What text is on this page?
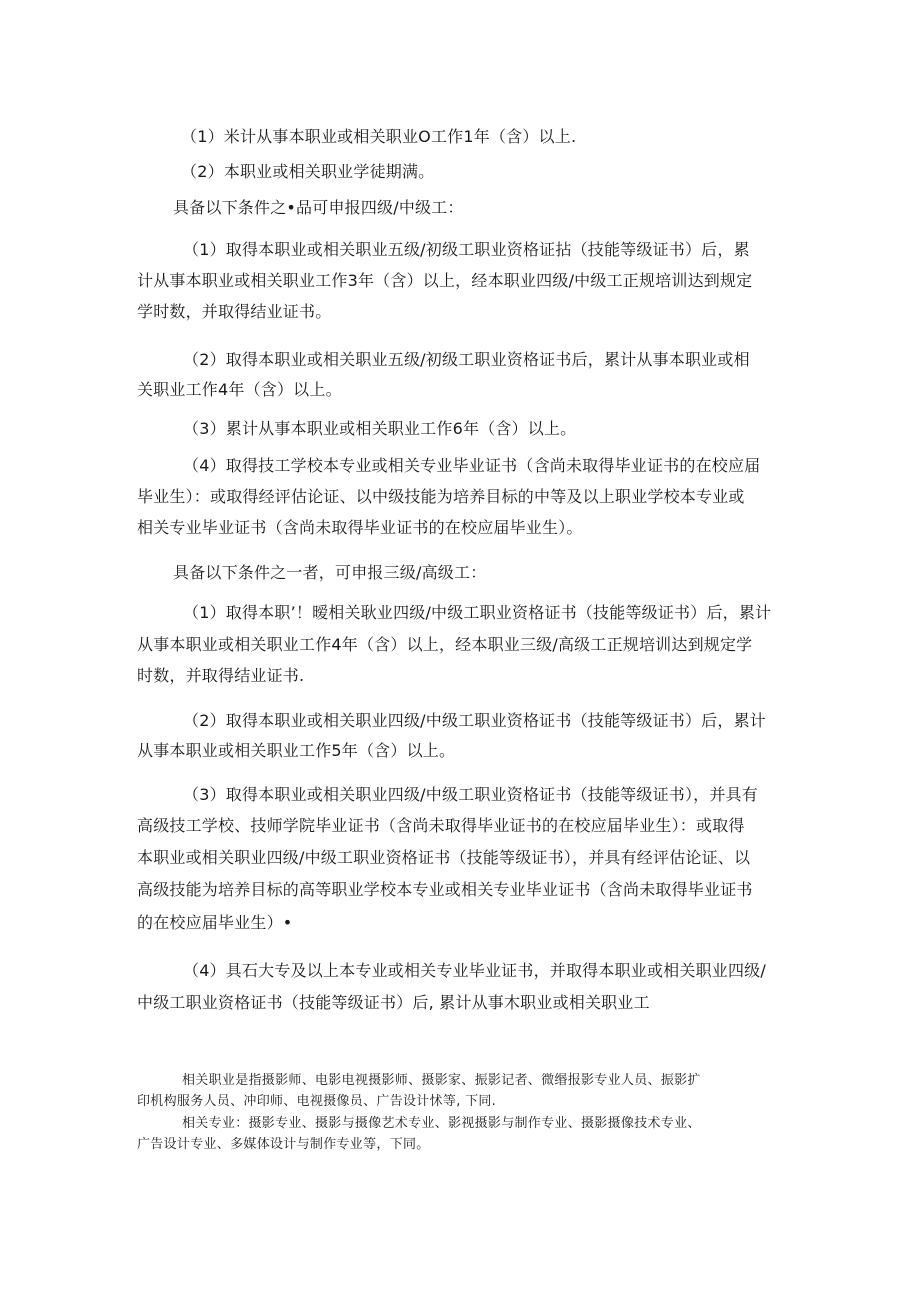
（1）米计从事本职业或相关职业O工作1年（含）以上.
（2）本职业或相关职业学徒期满。
具备以下条件之•品可申报四级/中级工：
（1）取得本职业或相关职业五级/初级工职业资格证拈（技能等级证书）后，累
计从事本职业或相关职业工作3年（含）以上，经本职业四级/中级工正规培训达到规定
学时数，并取得结业证书。
（2）取得本职业或相关职业五级/初级工职业资格证书后，累计从事本职业或相
关职业工作4年（含）以上。
（3）累计从事本职业或相关职业工作6年（含）以上。
（4）取得技工学校本专业或相关专业毕业证书（含尚未取得毕业证书的在校应届
毕业生）：或取得经评估论证、以中级技能为培养目标的中等及以上职业学校本专业或
相关专业毕业证书（含尚未取得毕业证书的在校应届毕业生）。
具备以下条件之一者，可申报三级/高级工：
（1）取得本职’！暧相关耿业四级/中级工职业资格证书（技能等级证书）后，累计
从事本职业或相关职业工作4年（含）以上，经本职业三级/高级工正规培训达到规定学
时数，并取得结业证书.
（2）取得本职业或相关职业四级/中级工职业资格证书（技能等级证书）后，累计
从事本职业或相关职业工作5年（含）以上。
（3）取得本职业或相关职业四级/中级工职业资格证书（技能等级证书），并具有
高级技工学校、技师学院毕业证书（含尚未取得毕业证书的在校应届毕业生）：或取得
本职业或相关职业四级/中级工职业资格证书（技能等级证书），并具有经评估论证、以
高级技能为培养目标的高等职业学校本专业或相关专业毕业证书（含尚未取得毕业证书
的在校应届毕业生）•
（4）具石大专及以上本专业或相关专业毕业证书，并取得本职业或相关职业四级/
中级工职业资格证书（技能等级证书）后, 累计从事木职业或相关职业工
相关职业是指摄影师、电影电视摄影师、摄影家、振影记者、微缗报影专业人员、振影扩
印机构服务人员、冲印师、电视摄像员、广告设计怵等, 下同.
相关专业：摄影专业、摄影与摄像艺术专业、影视摄影与制作专业、摄影摄像技术专业、
广告设计专业、多媒体设计与制作专业等，下同。
